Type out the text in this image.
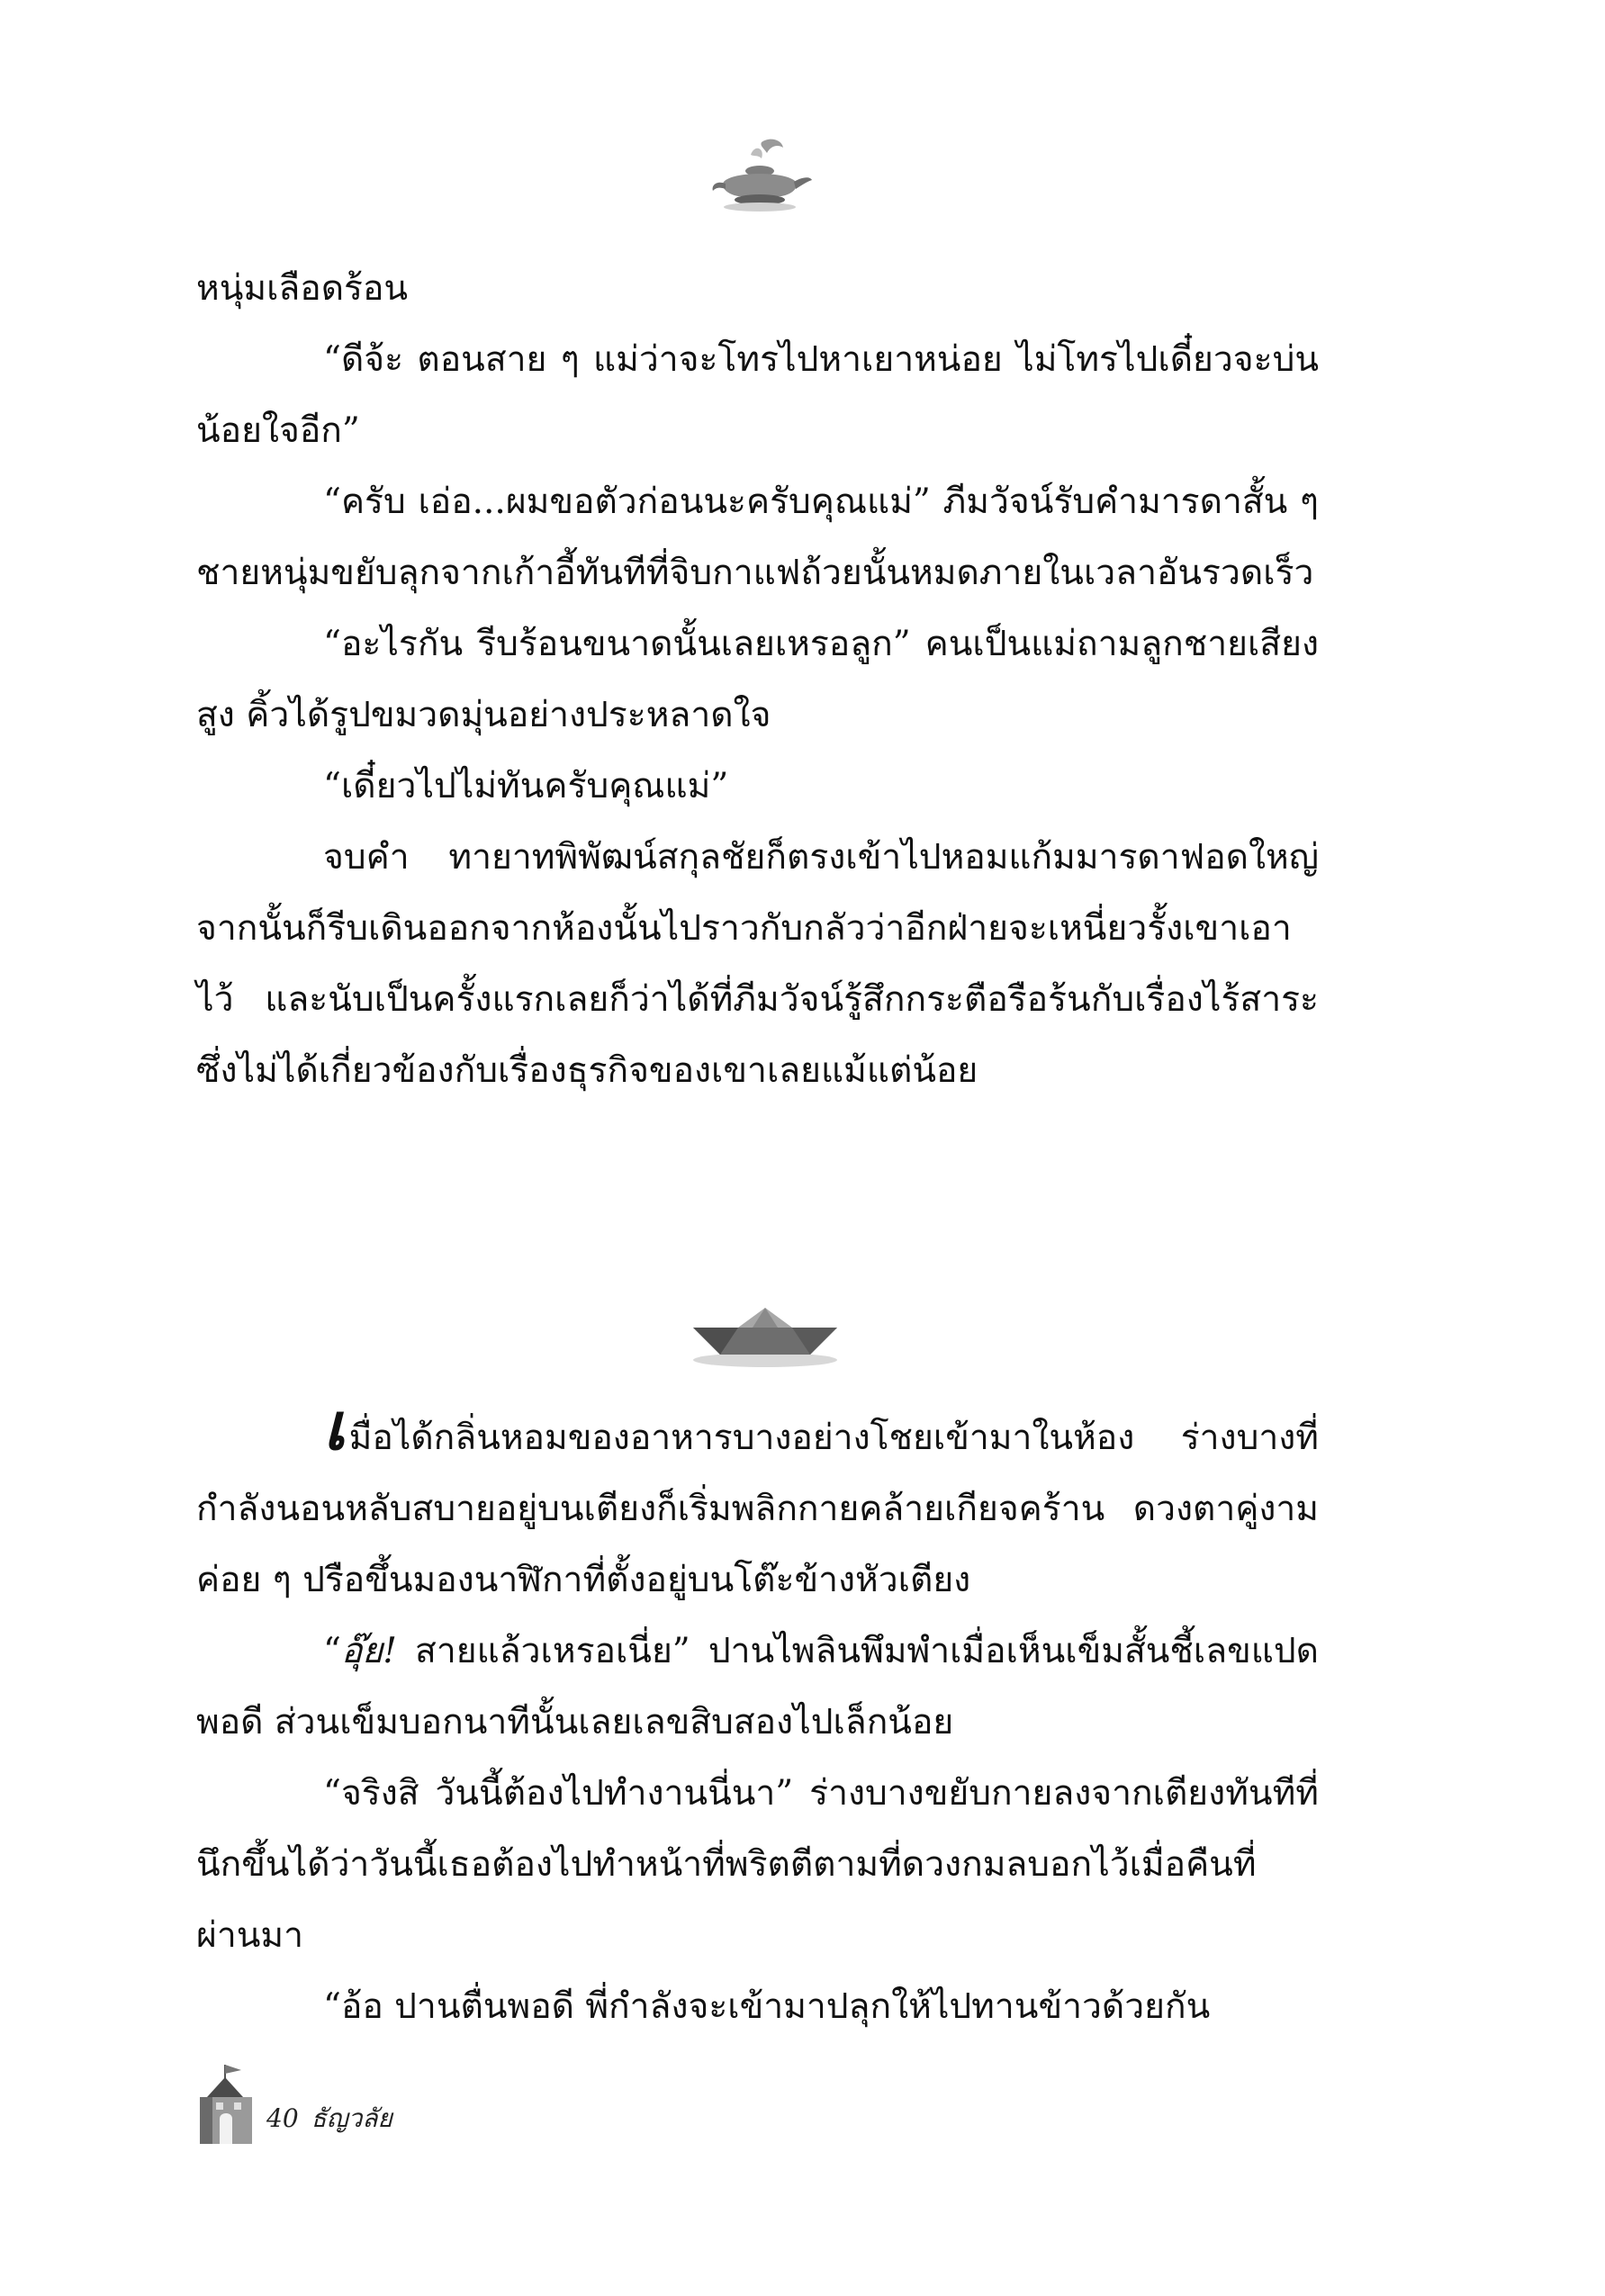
หนุ่มเลือดร้อน

“ดีจ้ะ ตอนสาย ๆ แม่ว่าจะโทรไปหาเยาหน่อย ไม่โทรไปเดี๋ยวจะบ่นน้อยใจอีก”

“ครับ เอ่อ...ผมขอตัวก่อนนะครับคุณแม่” ภีมวัจน์รับคำมารดาสั้น ๆ ชายหนุ่มขยับลุกจากเก้าอี้ทันทีที่จิบกาแฟถ้วยนั้นหมดภายในเวลาอันรวดเร็ว

“อะไรกัน รีบร้อนขนาดนั้นเลยเหรอลูก” คนเป็นแม่ถามลูกชายเสียงสูง คิ้วได้รูปขมวดมุ่นอย่างประหลาดใจ

“เดี๋ยวไปไม่ทันครับคุณแม่”

จบคำ ทายาทพิพัฒน์สกุลชัยก็ตรงเข้าไปหอมแก้มมารดาฟอดใหญ่ จากนั้นก็รีบเดินออกจากห้องนั้นไปราวกับกลัวว่าอีกฝ่ายจะเหนี่ยวรั้งเขาเอาไว้ และนับเป็นครั้งแรกเลยก็ว่าได้ที่ภีมวัจน์รู้สึกกระตือรือร้นกับเรื่องไร้สาระ ซึ่งไม่ได้เกี่ยวข้องกับเรื่องธุรกิจของเขาเลยแม้แต่น้อย

เมื่อได้กลิ่นหอมของอาหารบางอย่างโชยเข้ามาในห้อง ร่างบางที่กำลังนอนหลับสบายอยู่บนเตียงก็เริ่มพลิกกายคล้ายเกียจคร้าน ดวงตาคู่งามค่อย ๆ ปรือขึ้นมองนาฬิกาที่ตั้งอยู่บนโต๊ะข้างหัวเตียง

“อุ๊ย! สายแล้วเหรอเนี่ย” ปานไพลินพึมพำเมื่อเห็นเข็มสั้นชี้เลขแปดพอดี ส่วนเข็มบอกนาทีนั้นเลยเลขสิบสองไปเล็กน้อย

“จริงสิ วันนี้ต้องไปทำงานนี่นา” ร่างบางขยับกายลงจากเตียงทันทีที่นึกขึ้นได้ว่าวันนี้เธอต้องไปทำหน้าที่พริตตีตามที่ดวงกมลบอกไว้เมื่อคืนที่ผ่านมา

“อ้อ ปานตื่นพอดี พี่กำลังจะเข้ามาปลุกให้ไปทานข้าวด้วยกัน

40 ธัญวลัย
